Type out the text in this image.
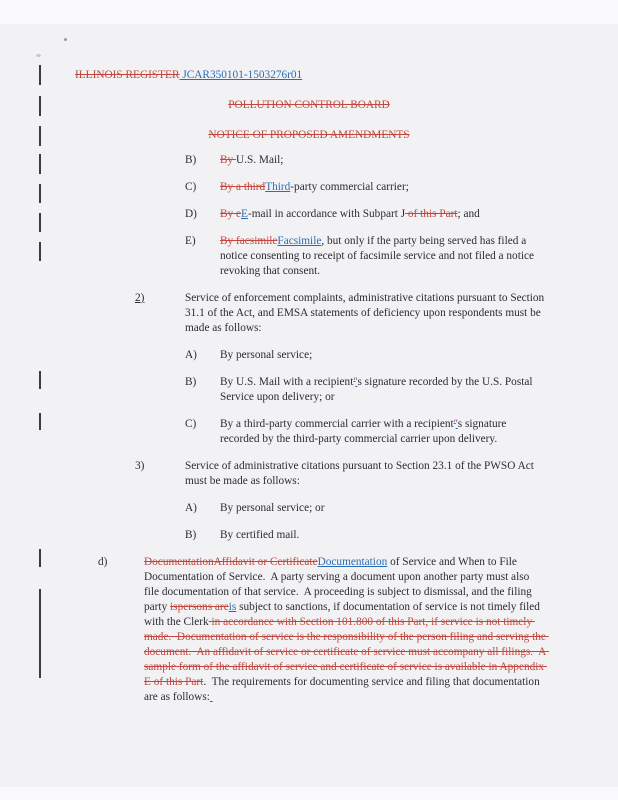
ILLINOIS REGISTER JCAR350101-1503276r01
POLLUTION CONTROL BOARD
NOTICE OF PROPOSED AMENDMENTS
B)	By U.S. Mail;
C)	By a thirdThird-party commercial carrier;
D)	By eE-mail in accordance with Subpart J of this Part; and
E)	By facsimileFacsimile, but only if the party being served has filed a notice consenting to receipt of facsimile service and not filed a notice revoking that consent.
2)	Service of enforcement complaints, administrative citations pursuant to Section 31.1 of the Act, and EMSA statements of deficiency upon respondents must be made as follows:
A)	By personal service;
B)	By U.S. Mail with a recipient''s signature recorded by the U.S. Postal Service upon delivery; or
C)	By a third-party commercial carrier with a recipient''s signature recorded by the third-party commercial carrier upon delivery.
3)	Service of administrative citations pursuant to Section 23.1 of the PWSO Act must be made as follows:
A)	By personal service; or
B)	By certified mail.
d)	DocumentationAffidavit or CertificateDocumentation of Service and When to File Documentation of Service.  A party serving a document upon another party must also file documentation of that service.  A proceeding is subject to dismissal, and the filing party ispersons areis subject to sanctions, if documentation of service is not timely filed with the Clerk in accordance with Section 101.800 of this Part, if service is not timely made.  Documentation of service is the responsibility of the person filing and serving the document.  An affidavit of service or certificate of service must accompany all filings.  A sample form of the affidavit of service and certificate of service is available in Appendix E of this Part.  The requirements for documenting service and filing that documentation are as follows:
